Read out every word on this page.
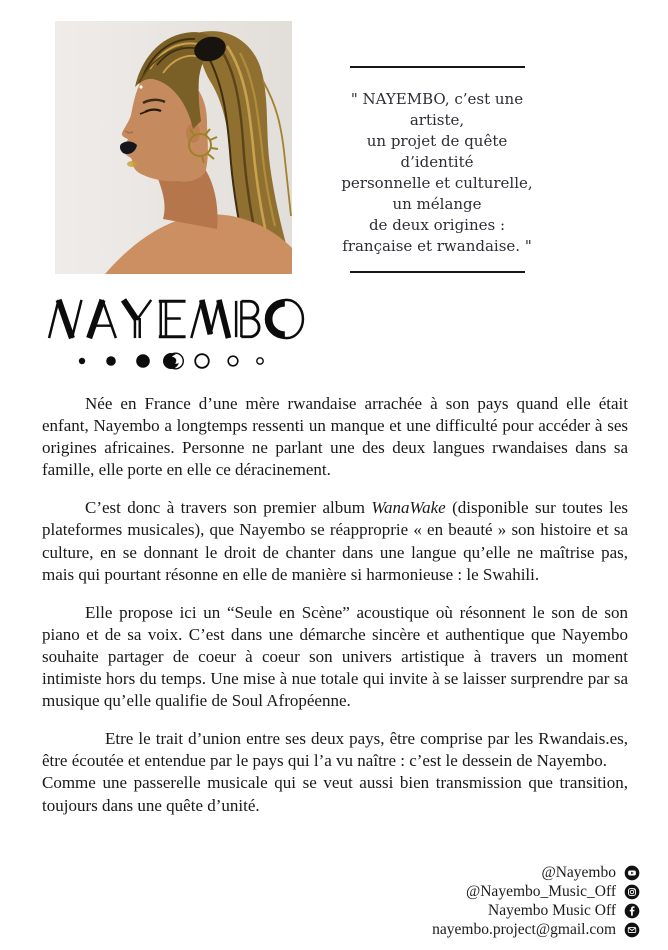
" NAYEMBO, c’est une artiste,
un projet de quête d’identité
personnelle et culturelle,
un mélange
de deux origines :
française et rwandaise. "

Née en France d’une mère rwandaise arrachée à son pays quand elle était enfant, Nayembo a longtemps ressenti un manque et une difficulté pour accéder à ses origines africaines. Personne ne parlant une des deux langues rwandaises dans sa famille, elle porte en elle ce déracinement.

C’est donc à travers son premier album WanaWake (disponible sur toutes les plateformes musicales), que Nayembo se réapproprie « en beauté » son histoire et sa culture, en se donnant le droit de chanter dans une langue qu’elle ne maîtrise pas, mais qui pourtant résonne en elle de manière si harmonieuse : le Swahili.

Elle propose ici un “Seule en Scène” acoustique où résonnent le son de son piano et de sa voix. C’est dans une démarche sincère et authentique que Nayembo souhaite partager de coeur à coeur son univers artistique à travers un moment intimiste hors du temps. Une mise à nue totale qui invite à se laisser surprendre par sa musique qu’elle qualifie de Soul Afropéenne.

Etre le trait d’union entre ses deux pays, être comprise par les Rwandais.es, être écoutée et entendue par le pays qui l’a vu naître : c’est le dessein de Nayembo.

Comme une passerelle musicale qui se veut aussi bien transmission que transition, toujours dans une quête d’unité.

@Nayembo
@Nayembo_Music_Off
Nayembo Music Off
nayembo.project@gmail.com
